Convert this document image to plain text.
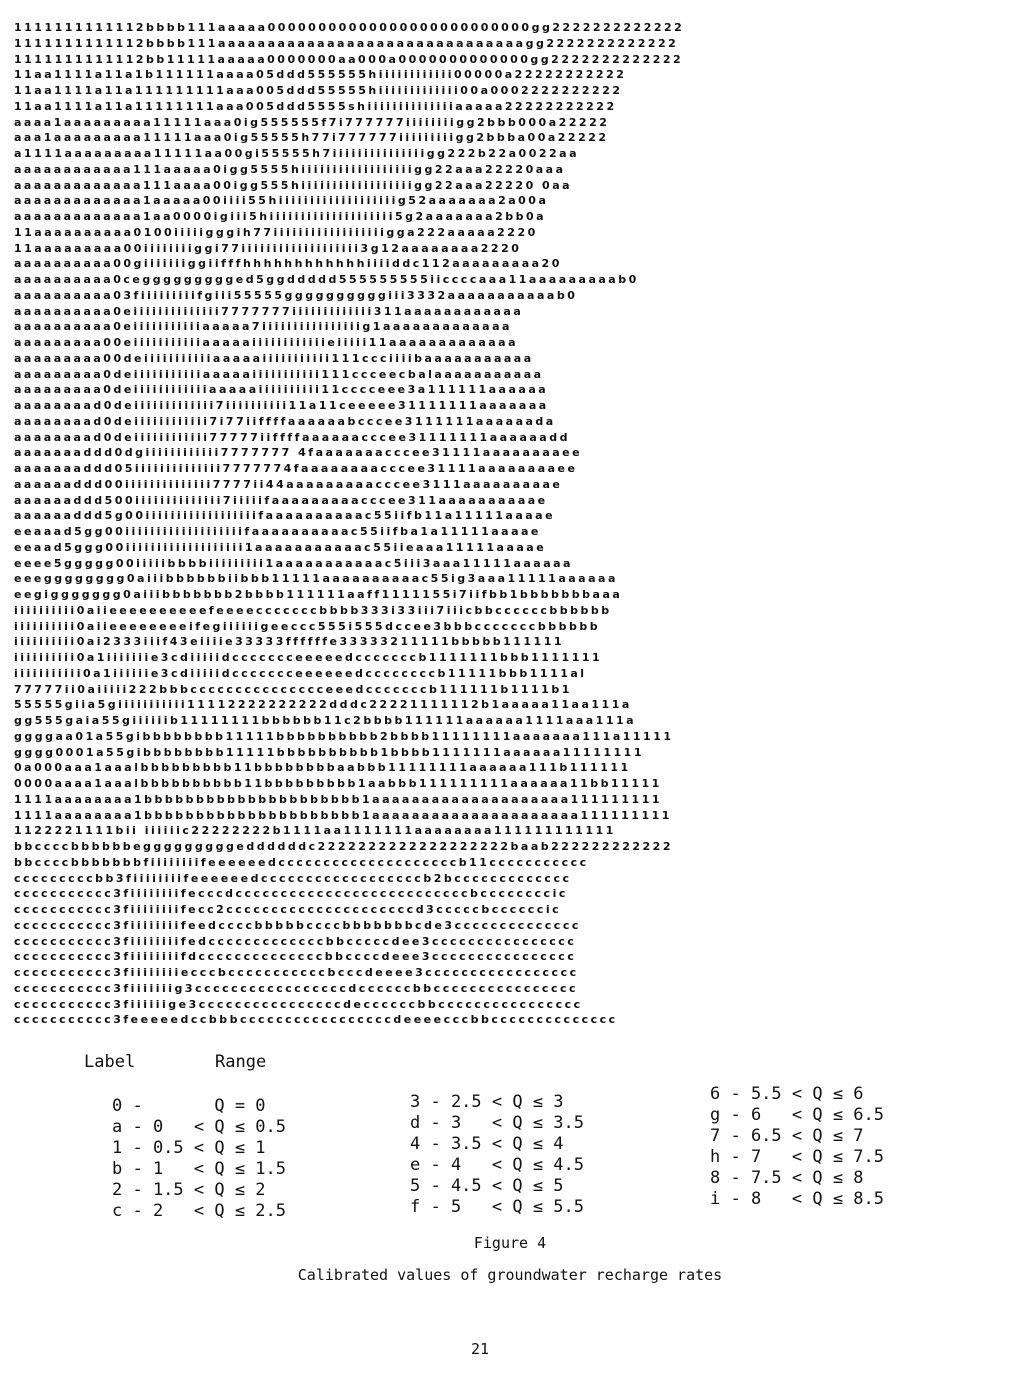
1111111111112bbbb111aaaaa00000000000000000000000000gg2222222222222
1111111111112bbbb111aaaaaaaaaaaaaaaaaaaaaaaaaaaaaaagg2222222222222
1111111111112bb11111aaaaa0000000aa000a0000000000000gg2222222222222
11aa1111a11a1b111111aaaa05ddd555555hiiiiiiiiiiii00000a22222222222
11aa1111a11a111111111aaa005ddd55555hiiiiiiiiiiiii00a0002222222222
11aa1111a11a11111111aaa005ddd5555shiiiiiiiiiiiiiiaaaaa22222222222
aaaa1aaaaaaaaa11111aaa0ig555555f7i777777iiiiiiiigg2bbb000a22222
aaa1aaaaaaaaa11111aaa0ig55555h77i777777iiiiiiiiigg2bbba00a22222
a1111aaaaaaaaa11111aa00gi55555h7iiiiiiiiiiiiiiigg222b22a0022aa
aaaaaaaaaaaa111aaaaa0igg5555hiiiiiiiiiiiiiiiiiigg22aaa22220aaa
aaaaaaaaaaaaa111aaaa00igg555hiiiiiiiiiiiiiiiiiigg22aaa22220 0aa
aaaaaaaaaaaaa1aaaaa00iiii55hiiiiiiiiiiiiiiiiiiig52aaaaaaa2a00a
aaaaaaaaaaaaa1aa0000igiii5hiiiiiiiiiiiiiiiiiiii5g2aaaaaaa2bb0a
11aaaaaaaaaa0100iiiiigggih77iiiiiiiiiiiiiiiiiigga222aaaaa2220
11aaaaaaaaa00iiiiiiiiggi77iiiiiiiiiiiiiiiiiii3g12aaaaaaaa2220
aaaaaaaaaa00giiiiiiiggiifffhhhhhhhhhhhhiiiiddc112aaaaaaaaa20
aaaaaaaaaa0ceggggggggged5ggddddd555555555iiccccaaa11aaaaaaaaab0
aaaaaaaaaa03fiiiiiiiiifgiii55555ggggggggggiii3332aaaaaaaaaaab0
aaaaaaaaaa0eiiiiiiiiiiiiii7777777iiiiiiiiiiiii311aaaaaaaaaaaa
aaaaaaaaaa0eiiiiiiiiiiiaaaaa7iiiiiiiiiiiiiiiig1aaaaaaaaaaaaa
aaaaaaaaa00eiiiiiiiiiiiaaaaaiiiiiiiiiiiieiiiii11aaaaaaaaaaaaa
aaaaaaaaa00deiiiiiiiiiiiaaaaaiiiiiiiiiii111ccciiiibaaaaaaaaaaa
aaaaaaaaa0deiiiiiiiiiiiaaaaaiiiiiiiiiii111ccceecbalaaaaaaaaaaa
aaaaaaaaa0deiiiiiiiiiiiiaaaaaiiiiiiiiii11cccceee3a111111aaaaaa
aaaaaaaad0deiiiiiiiiiiiii7iiiiiiiiii11a11ceeeee31111111aaaaaaa
aaaaaaaad0deiiiiiiiiiiii7i77iiffffaaaaaabcccee3111111aaaaaada
aaaaaaaad0deiiiiiiiiiiii77777iiffffaaaaaacccee31111111aaaaaadd
aaaaaaaddd0dgiiiiiiiiiiii7777777 4faaaaaaacccee31111aaaaaaaaee
aaaaaaaddd05iiiiiiiiiiiiii7777774faaaaaaaacccee31111aaaaaaaaee
aaaaaaddd00iiiiiiiiiiiiii7777ii44aaaaaaaaacccee3111aaaaaaaaae
aaaaaaddd500iiiiiiiiiiiiii7iiiiifaaaaaaaaacccee311aaaaaaaaaae
aaaaaaddd5g00iiiiiiiiiiiiiiiiiifaaaaaaaaaac55iifb11a11111aaaae
eeaaad5gg00iiiiiiiiiiiiiiiiiiifaaaaaaaaaac55iifba1a11111aaaae
eeaad5ggg00iiiiiiiiiiiiiiiiiii1aaaaaaaaaaac55iieaaa11111aaaae
eeee5ggggg00iiiiibbbbiiiiiiiii1aaaaaaaaaaac5iii3aaa11111aaaaaa
eeegggggggg0aiiibbbbbbiibbb11111aaaaaaaaaac55ig3aaa11111aaaaaa
eegiggggggg0aiiibbbbbbb2bbbb111111aaff1111155i7iifbb1bbbbbbbaaa
iiiiiiiiii0aiieeeeeeeeeefeeeecccccccbbbb333i33iii7iiicbbccccccbbbbbb
iiiiiiiiii0aiieeeeeeeeifegiiiiiigeeccc555i555dccee3bbbcccccccbbbbbb
iiiiiiiiii0ai2333iiif43eiiiie33333ffffffe33333211111bbbbb111111
iiiiiiiiii0a1iiiiiiie3cdiiiiidccccccceeeeedcccccccb1111111bbb1111111
iiiiiiiiiii0a1iiiiiie3cdiiiiidccccccceeeeeedccccccccb11111bbb1111al
77777ii0aiiiii222bbbccccccccccccccceeedcccccccb111111b1111b1
55555giia5giiiiiiiiiii11112222222222dddc22221111112b1aaaaa11aa111a
gg555gaia55giiiiiib11111111bbbbbb11c2bbbb111111aaaaaa1111aaa111a
ggggaa01a55gibbbbbbbb11111bbbbbbbbbb2bbbb11111111aaaaaaa111a11111
gggg0001a55gibbbbbbbb11111bbbbbbbbbb1bbbb1111111aaaaaa11111111
0a000aaa1aaalbbbbbbbbb11bbbbbbbbaabbb11111111aaaaaa111b111111
0000aaaa1aaalbbbbbbbbbb11bbbbbbbbb1aabbb111111111aaaaaa11bb11111
1111aaaaaaaa1bbbbbbbbbbbbbbbbbbbbb1aaaaaaaaaaaaaaaaaaaa111111111
1111aaaaaaaa1bbbbbbbbbbbbbbbbbbbbb1aaaaaaaaaaaaaaaaaaaaa111111111
1122221111bii iiiiiic22222222b1111aa1111111aaaaaaaa111111111111
bbccccbbbbbbegggggggggeddddddc2222222222222222222baab222222222222
bbccccbbbbbbbfiiiiiiiifeeeeeedccccccccccccccccccccb11ccccccccccc
cccccccccbb3fiiiiiiiifeeeeeedccccccccccccccccccb2bccccccccccccc
ccccccccccc3fiiiiiiiifecccdccccccccccccccccccccccccccbccccccccic
ccccccccccc3fiiiiiiiifecc2cccccccccccccccccccccd3cccccbccccccic
ccccccccccc3fiiiiiiiifeedccccbbbbbccccbbbbbbbcde3cccccccccccccc
ccccccccccc3fiiiiiiiifedcccccccccccccbbcccccdee3cccccccccccccccc
ccccccccccc3fiiiiiiiifdccccccccccccccbbccccdeee3cccccccccccccccc
ccccccccccc3fiiiiiiiiecccbcccccccccccbcccdeeee3ccccccccccccccccc
ccccccccccc3fiiiiiiig3cccccccccccccccccdccccccbbcccccccccccccccc
ccccccccccc3fiiiiiige3ccccccccccccccccdeccccccbbcccccccccccccccc
ccccccccccc3feeeeedccbbbcccccccccccccccccdeeeecccbbcccccccccccccc
Label	Range
0 -       Q = 0
a - 0   < Q ≤ 0.5
1 - 0.5 < Q ≤ 1
b - 1   < Q ≤ 1.5
2 - 1.5 < Q ≤ 2
c - 2   < Q ≤ 2.5
3 - 2.5 < Q ≤ 3
d - 3   < Q ≤ 3.5
4 - 3.5 < Q ≤ 4
e - 4   < Q ≤ 4.5
5 - 4.5 < Q ≤ 5
f - 5   < Q ≤ 5.5
6 - 5.5 < Q ≤ 6
g - 6   < Q ≤ 6.5
7 - 6.5 < Q ≤ 7
h - 7   < Q ≤ 7.5
8 - 7.5 < Q ≤ 8
i - 8   < Q ≤ 8.5

Figure 4

Calibrated values of groundwater recharge rates

21
